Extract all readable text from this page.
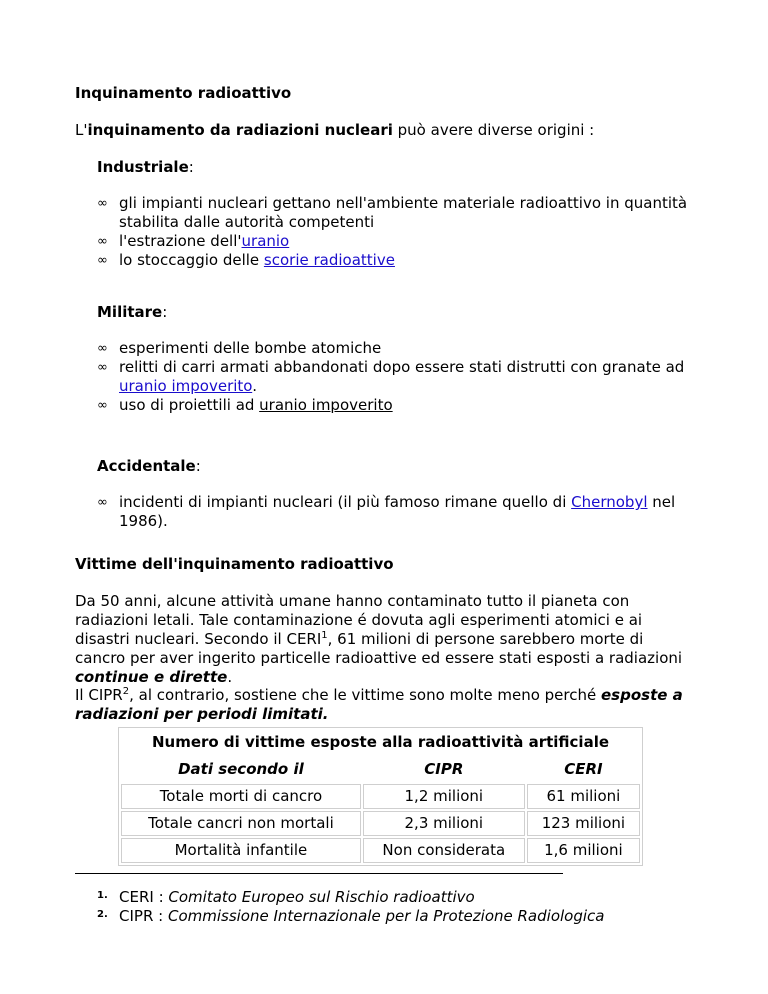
Inquinamento radioattivo
L'inquinamento da radiazioni nucleari può avere diverse origini :
Industriale:
∞ gli impianti nucleari gettano nell'ambiente materiale radioattivo in quantità stabilita dalle autorità competenti
∞ l'estrazione dell'uranio
∞ lo stoccaggio delle scorie radioattive
Militare:
∞ esperimenti delle bombe atomiche
∞ relitti di carri armati abbandonati dopo essere stati distrutti con granate ad uranio impoverito.
∞ uso di proiettili ad uranio impoverito
Accidentale:
∞ incidenti di impianti nucleari (il più famoso rimane quello di Chernobyl nel 1986).
Vittime dell'inquinamento radioattivo
Da 50 anni, alcune attività umane hanno contaminato tutto il pianeta con radiazioni letali. Tale contaminazione é dovuta agli esperimenti atomici e ai disastri nucleari. Secondo il CERI$^1$, 61 milioni di persone sarebbero morte di cancro per aver ingerito particelle radioattive ed essere stati esposti a radiazioni continue e dirette.
Il CIPR$^2$, al contrario, sostiene che le vittime sono molte meno perché esposte a radiazioni per periodi limitati.
Numero di vittime esposte alla radioattività artificiale		
Dati secondo il	CIPR	CERI
Totale morti di cancro	1,2 milioni	61 milioni
Totale cancri non mortali	2,3 milioni	123 milioni
Mortalità infantile	Non considerata	1,6 milioni
1. CERI : Comitato Europeo sul Rischio radioattivo
2. CIPR : Commissione Internazionale per la Protezione Radiologica
